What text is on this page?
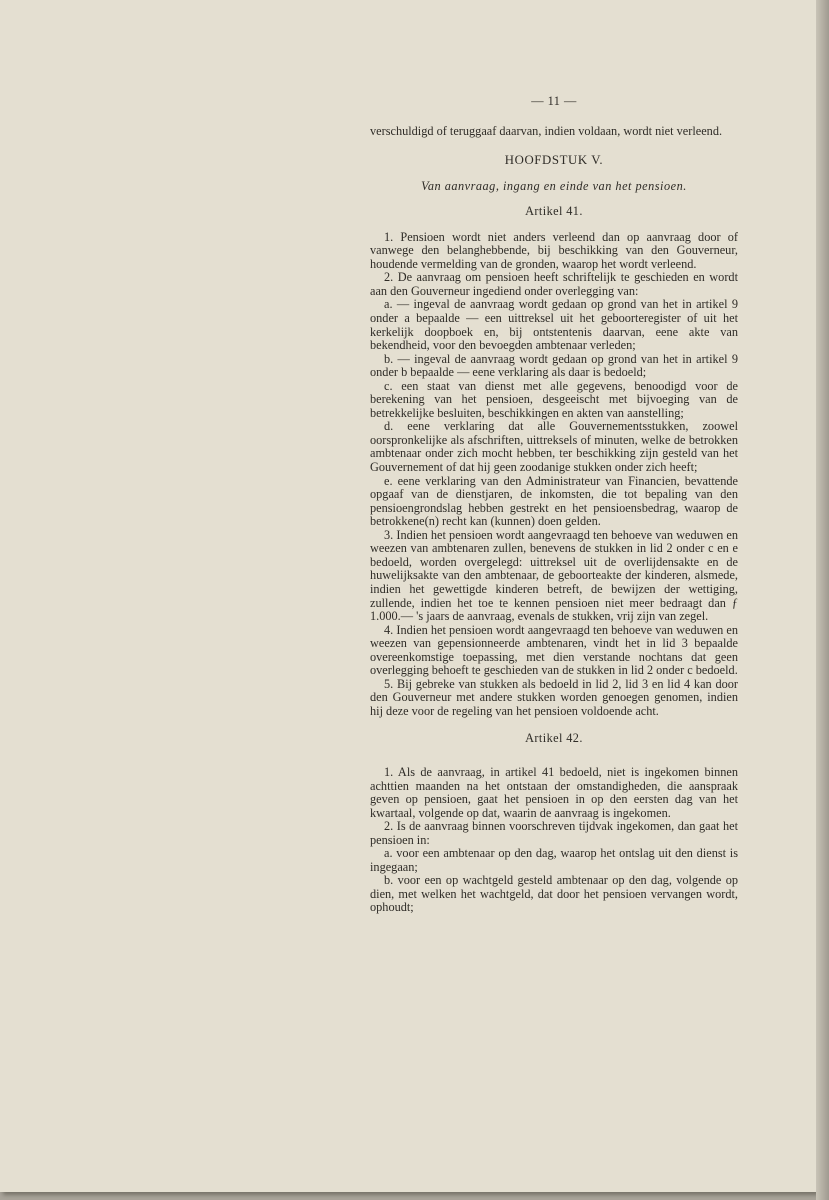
— 11 —

verschuldigd of teruggaaf daarvan, indien voldaan, wordt niet verleend.

HOOFDSTUK V.

Van aanvraag, ingang en einde van het pensioen.

Artikel 41.

1. Pensioen wordt niet anders verleend dan op aanvraag door of vanwege den belanghebbende, bij beschikking van den Gouverneur, houdende vermelding van de gronden, waarop het wordt verleend.

2. De aanvraag om pensioen heeft schriftelijk te geschieden en wordt aan den Gouverneur ingediend onder overlegging van:

a. — ingeval de aanvraag wordt gedaan op grond van het in artikel 9 onder a bepaalde — een uittreksel uit het geboorteregister of uit het kerkelijk doopboek en, bij ontstentenis daarvan, eene akte van bekendheid, voor den bevoegden ambtenaar verleden;

b. — ingeval de aanvraag wordt gedaan op grond van het in artikel 9 onder b bepaalde — eene verklaring als daar is bedoeld;

c. een staat van dienst met alle gegevens, benoodigd voor de berekening van het pensioen, desgeeischt met bijvoeging van de betrekkelijke besluiten, beschikkingen en akten van aanstelling;

d. eene verklaring dat alle Gouvernementsstukken, zoowel oorspronkelijke als afschriften, uittreksels of minuten, welke de betrokken ambtenaar onder zich mocht hebben, ter beschikking zijn gesteld van het Gouvernement of dat hij geen zoodanige stukken onder zich heeft;

e. eene verklaring van den Administrateur van Financien, bevattende opgaaf van de dienstjaren, de inkomsten, die tot bepaling van den pensioengrondslag hebben gestrekt en het pensioensbedrag, waarop de betrokkene(n) recht kan (kunnen) doen gelden.

3. Indien het pensioen wordt aangevraagd ten behoeve van weduwen en weezen van ambtenaren zullen, benevens de stukken in lid 2 onder c en e bedoeld, worden overgelegd: uittreksel uit de overlijdensakte en de huwelijksakte van den ambtenaar, de geboorteakte der kinderen, alsmede, indien het gewettigde kinderen betreft, de bewijzen der wettiging, zullende, indien het toe te kennen pensioen niet meer bedraagt dan ƒ 1.000.— 's jaars de aanvraag, evenals de stukken, vrij zijn van zegel.

4. Indien het pensioen wordt aangevraagd ten behoeve van weduwen en weezen van gepensionneerde ambtenaren, vindt het in lid 3 bepaalde overeenkomstige toepassing, met dien verstande nochtans dat geen overlegging behoeft te geschieden van de stukken in lid 2 onder c bedoeld.

5. Bij gebreke van stukken als bedoeld in lid 2, lid 3 en lid 4 kan door den Gouverneur met andere stukken worden genoegen genomen, indien hij deze voor de regeling van het pensioen voldoende acht.

Artikel 42.

1. Als de aanvraag, in artikel 41 bedoeld, niet is ingekomen binnen achttien maanden na het ontstaan der omstandigheden, die aanspraak geven op pensioen, gaat het pensioen in op den eersten dag van het kwartaal, volgende op dat, waarin de aanvraag is ingekomen.

2. Is de aanvraag binnen voorschreven tijdvak ingekomen, dan gaat het pensioen in:

a. voor een ambtenaar op den dag, waarop het ontslag uit den dienst is ingegaan;

b. voor een op wachtgeld gesteld ambtenaar op den dag, volgende op dien, met welken het wachtgeld, dat door het pensioen vervangen wordt, ophoudt;
